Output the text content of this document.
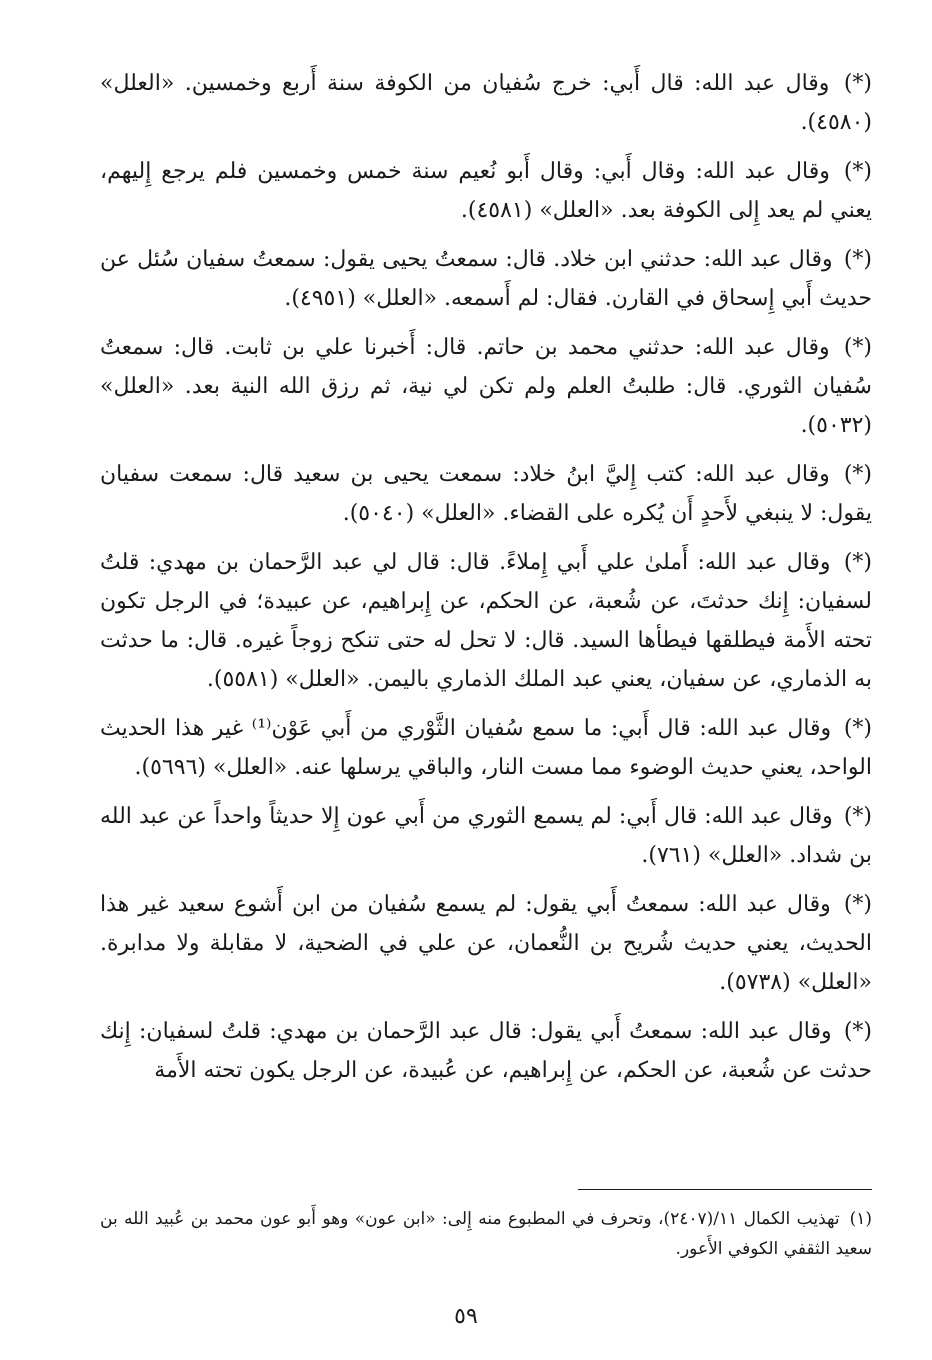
(*) وقال عبد الله: قال أَبي: خرج سُفيان من الكوفة سنة أَربع وخمسين. «العلل» (٤٥٨٠).

(*) وقال عبد الله: وقال أَبي: وقال أَبو نُعيم سنة خمس وخمسين فلم يرجع إِليهم، يعني لم يعد إِلى الكوفة بعد. «العلل» (٤٥٨١).

(*) وقال عبد الله: حدثني ابن خلاد. قال: سمعتُ يحيى يقول: سمعتُ سفيان سُئل عن حديث أَبي إِسحاق في القارن. فقال: لم أَسمعه. «العلل» (٤٩٥١).

(*) وقال عبد الله: حدثني محمد بن حاتم. قال: أَخبرنا علي بن ثابت. قال: سمعتُ سُفيان الثوري. قال: طلبتُ العلم ولم تكن لي نية، ثم رزق الله النية بعد. «العلل» (٥٠٣٢).

(*) وقال عبد الله: كتب إِليَّ ابنُ خلاد: سمعت يحيى بن سعيد قال: سمعت سفيان يقول: لا ينبغي لأَحدٍ أَن يُكره على القضاء. «العلل» (٥٠٤٠).

(*) وقال عبد الله: أَملىٰ علي أَبي إِملاءً. قال: قال لي عبد الرَّحمان بن مهدي: قلتُ لسفيان: إِنك حدثتَ، عن شُعبة، عن الحكم، عن إِبراهيم، عن عبيدة؛ في الرجل تكون تحته الأَمة فيطلقها فيطأها السيد. قال: لا تحل له حتى تنكح زوجاً غيره. قال: ما حدثت به الذماري، عن سفيان، يعني عبد الملك الذماري باليمن. «العلل» (٥٥٨١).

(*) وقال عبد الله: قال أَبي: ما سمع سُفيان الثَّوْري من أَبي عَوْن⁽¹⁾ غير هذا الحديث الواحد، يعني حديث الوضوء مما مست النار، والباقي يرسلها عنه. «العلل» (٥٦٩٦).

(*) وقال عبد الله: قال أَبي: لم يسمع الثوري من أَبي عون إِلا حديثاً واحداً عن عبد الله بن شداد. «العلل» (٧٦١).

(*) وقال عبد الله: سمعتُ أَبي يقول: لم يسمع سُفيان من ابن أَشوع سعيد غير هذا الحديث، يعني حديث شُريح بن النُّعمان، عن علي في الضحية، لا مقابلة ولا مدابرة. «العلل» (٥٧٣٨).

(*) وقال عبد الله: سمعتُ أَبي يقول: قال عبد الرَّحمان بن مهدي: قلتُ لسفيان: إِنك حدثت عن شُعبة، عن الحكم، عن إِبراهيم، عن عُبيدة، عن الرجل يكون تحته الأَمة

(١)تهذيب الكمال ١١/(٢٤٠٧)، وتحرف في المطبوع منه إِلى: «ابن عون» وهو أَبو عون محمد بن عُبيد الله بن سعيد الثقفي الكوفي الأَعور.

٥٩
